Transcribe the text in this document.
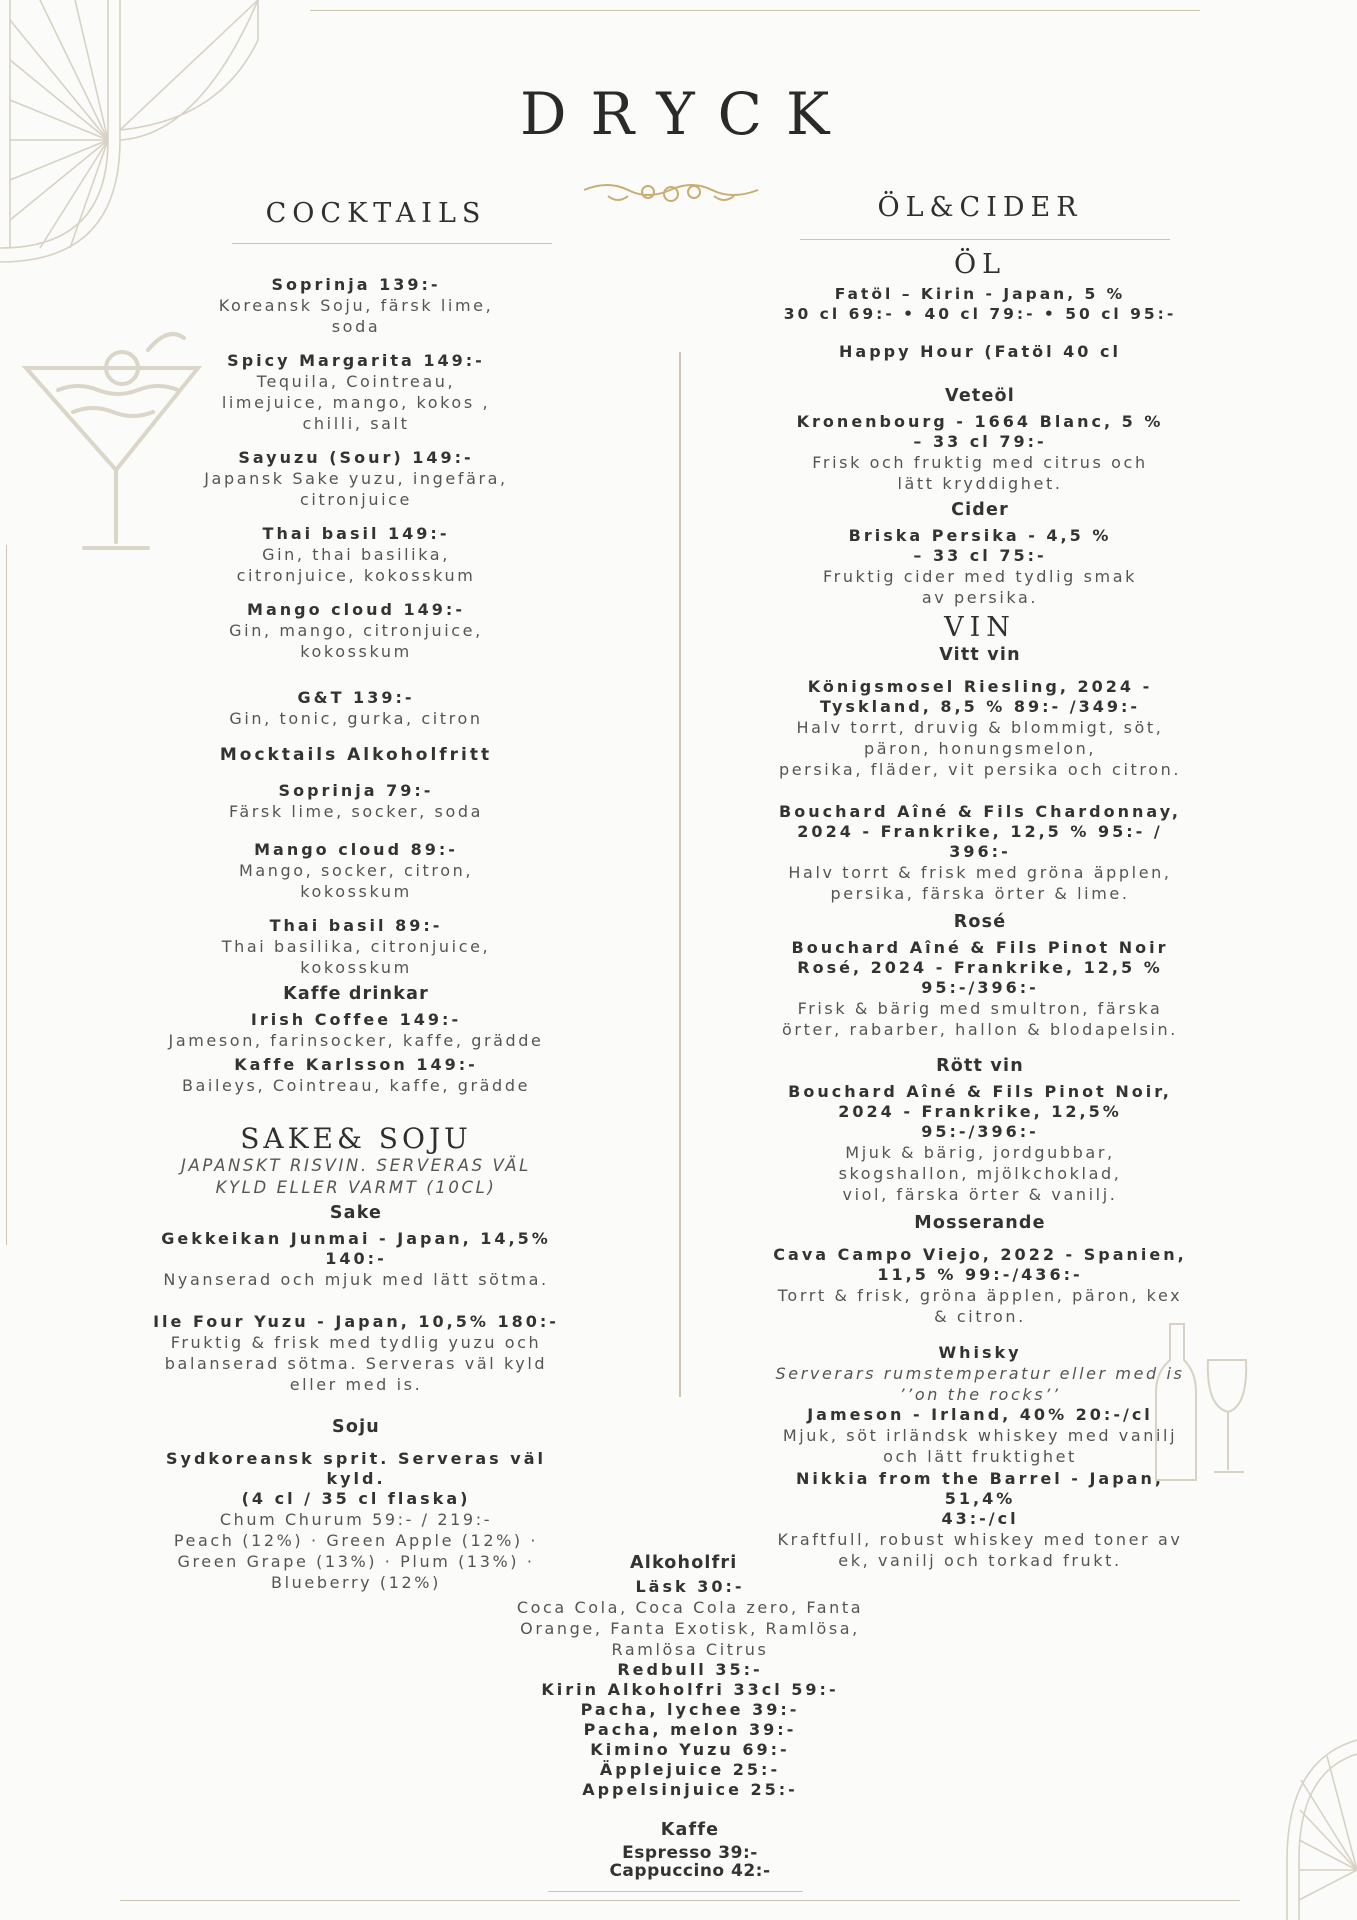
DRYCK
COCKTAILS
Soprinja 139:-
Koreansk Soju, färsk lime,
soda
Spicy Margarita 149:-
Tequila, Cointreau,
limejuice, mango, kokos ,
chilli, salt
Sayuzu (Sour) 149:-
Japansk Sake yuzu, ingefära,
citronjuice
Thai basil 149:-
Gin, thai basilika,
citronjuice, kokosskum
Mango cloud 149:-
Gin, mango, citronjuice,
kokosskum
G&T 139:-
Gin, tonic, gurka, citron
Mocktails Alkoholfritt
Soprinja 79:-
Färsk lime, socker, soda
Mango cloud 89:-
Mango, socker, citron,
kokosskum
Thai basil 89:-
Thai basilika, citronjuice,
kokosskum
Kaffe drinkar
Irish Coffee 149:-
Jameson, farinsocker, kaffe, grädde
Kaffe Karlsson 149:-
Baileys, Cointreau, kaffe, grädde
SAKE& SOJU
JAPANSKT RISVIN. SERVERAS VÄL
KYLD ELLER VARMT (10CL)
Sake
Gekkeikan Junmai - Japan, 14,5%
140:-
Nyanserad och mjuk med lätt sötma.
Ile Four Yuzu - Japan, 10,5% 180:-
Fruktig & frisk med tydlig yuzu och
balanserad sötma. Serveras väl kyld
eller med is.
Soju
Sydkoreansk sprit. Serveras väl kyld.
(4 cl / 35 cl flaska)
Chum Churum 59:- / 219:-
Peach (12%) · Green Apple (12%) ·
Green Grape (13%) · Plum (13%) ·
Blueberry (12%)
ÖL&CIDER
ÖL
Fatöl – Kirin - Japan, 5 %
30 cl 69:- • 40 cl 79:- • 50 cl 95:-
Happy Hour (Fatöl 40 cl
Veteöl
Kronenbourg - 1664 Blanc, 5 %
– 33 cl 79:-
Frisk och fruktig med citrus och
lätt kryddighet.
Cider
Briska Persika - 4,5 %
– 33 cl 75:-
Fruktig cider med tydlig smak
av persika.
VIN
Vitt vin
Königsmosel Riesling, 2024 -
Tyskland, 8,5 % 89:- /349:-
Halv torrt, druvig & blommigt, söt,
päron, honungsmelon,
persika, fläder, vit persika och citron.
Bouchard Aîné & Fils Chardonnay,
2024 - Frankrike, 12,5 % 95:- / 396:-
Halv torrt & frisk med gröna äpplen,
persika, färska örter & lime.
Rosé
Bouchard Aîné & Fils Pinot Noir
Rosé, 2024 - Frankrike, 12,5 %
95:-/396:-
Frisk & bärig med smultron, färska
örter, rabarber, hallon & blodapelsin.
Rött vin
Bouchard Aîné & Fils Pinot Noir,
2024 - Frankrike, 12,5%
95:-/396:-
Mjuk & bärig, jordgubbar,
skogshallon, mjölkchoklad,
viol, färska örter & vanilj.
Mosserande
Cava Campo Viejo, 2022 - Spanien,
11,5 % 99:-/436:-
Torrt & frisk, gröna äpplen, päron, kex
& citron.
Whisky
Serverars rumstemperatur eller med is
’’on the rocks’’
Jameson - Irland, 40% 20:-/cl
Mjuk, söt irländsk whiskey med vanilj
och lätt fruktighet
Nikkia from the Barrel - Japan, 51,4%
43:-/cl
Kraftfull, robust whiskey med toner av
ek, vanilj och torkad frukt.
Alkoholfri
Läsk 30:-
Coca Cola, Coca Cola zero, Fanta
Orange, Fanta Exotisk, Ramlösa,
Ramlösa Citrus
Redbull 35:-
Kirin Alkoholfri 33cl 59:-
Pacha, lychee 39:-
Pacha, melon 39:-
Kimino Yuzu 69:-
Äpplejuice 25:-
Appelsinjuice 25:-
Kaffe
Espresso 39:-
Cappuccino 42:-
